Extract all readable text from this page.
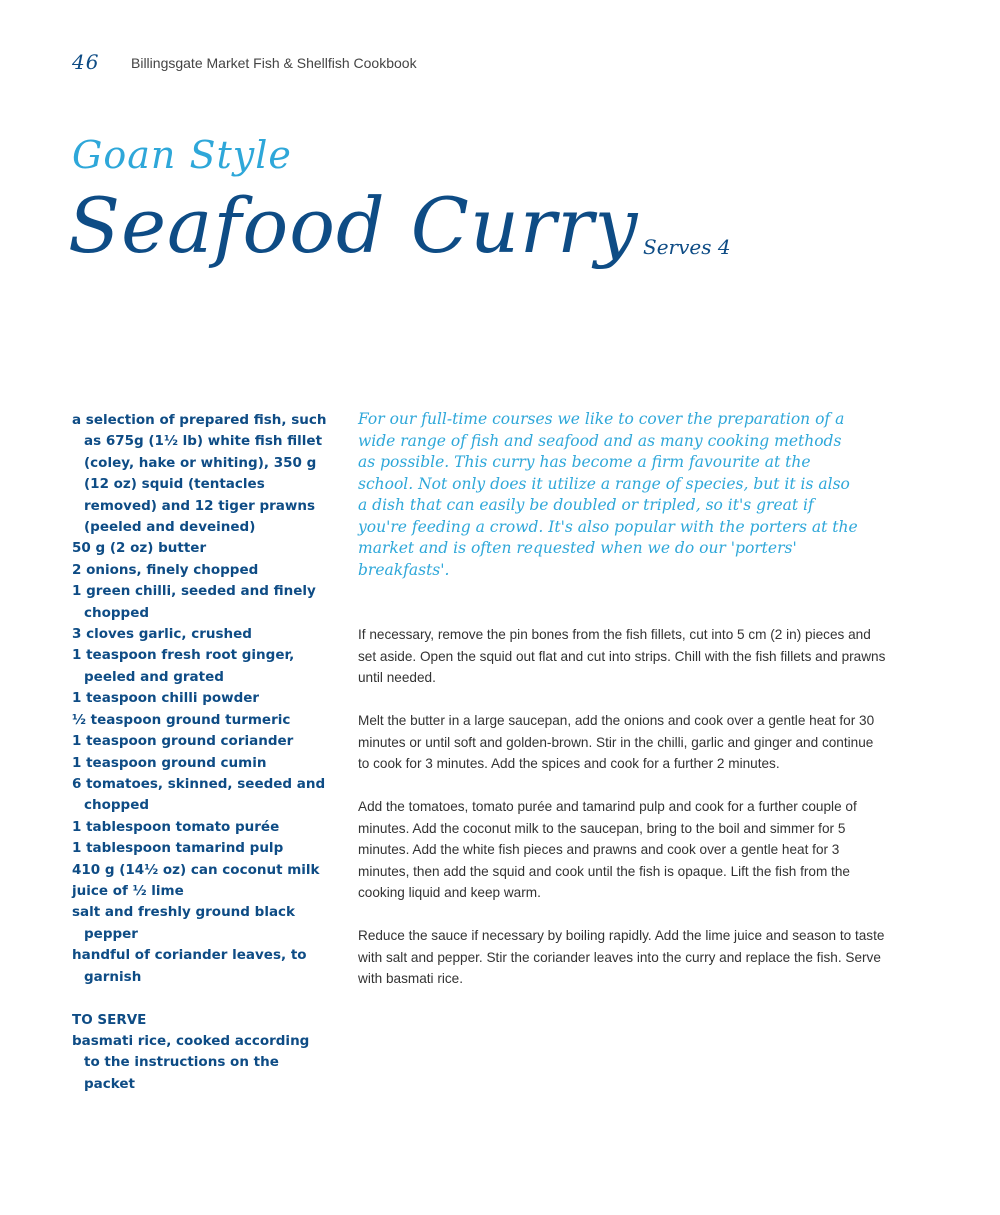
46 Billingsgate Market Fish & Shellfish Cookbook
Goan Style
Seafood Curry Serves 4
a selection of prepared fish, such as 675g (1½ lb) white fish fillet (coley, hake or whiting), 350 g (12 oz) squid (tentacles removed) and 12 tiger prawns (peeled and deveined)
50 g (2 oz) butter
2 onions, finely chopped
1 green chilli, seeded and finely chopped
3 cloves garlic, crushed
1 teaspoon fresh root ginger, peeled and grated
1 teaspoon chilli powder
½ teaspoon ground turmeric
1 teaspoon ground coriander
1 teaspoon ground cumin
6 tomatoes, skinned, seeded and chopped
1 tablespoon tomato purée
1 tablespoon tamarind pulp
410 g (14½ oz) can coconut milk
juice of ½ lime
salt and freshly ground black pepper
handful of coriander leaves, to garnish
TO SERVE
basmati rice, cooked according to the instructions on the packet

For our full-time courses we like to cover the preparation of a wide range of fish and seafood and as many cooking methods as possible. This curry has become a firm favourite at the school. Not only does it utilize a range of species, but it is also a dish that can easily be doubled or tripled, so it's great if you're feeding a crowd. It's also popular with the porters at the market and is often requested when we do our 'porters' breakfasts'.

If necessary, remove the pin bones from the fish fillets, cut into 5 cm (2 in) pieces and set aside. Open the squid out flat and cut into strips. Chill with the fish fillets and prawns until needed.

Melt the butter in a large saucepan, add the onions and cook over a gentle heat for 30 minutes or until soft and golden-brown. Stir in the chilli, garlic and ginger and continue to cook for 3 minutes. Add the spices and cook for a further 2 minutes.

Add the tomatoes, tomato purée and tamarind pulp and cook for a further couple of minutes. Add the coconut milk to the saucepan, bring to the boil and simmer for 5 minutes. Add the white fish pieces and prawns and cook over a gentle heat for 3 minutes, then add the squid and cook until the fish is opaque. Lift the fish from the cooking liquid and keep warm.

Reduce the sauce if necessary by boiling rapidly. Add the lime juice and season to taste with salt and pepper. Stir the coriander leaves into the curry and replace the fish. Serve with basmati rice.
